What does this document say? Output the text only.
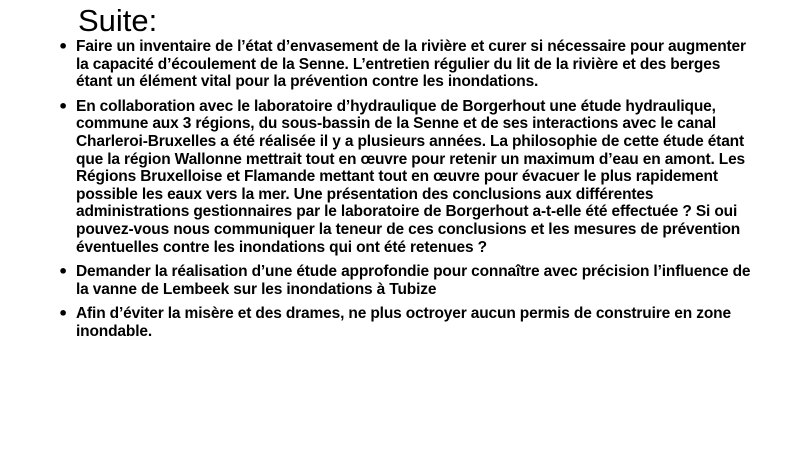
Suite:
• Faire un inventaire de l’état d’envasement de la rivière et curer si nécessaire pour augmenter la capacité d’écoulement de la Senne. L’entretien régulier du lit de la rivière et des berges étant un élément vital pour la prévention contre les inondations.
• En collaboration avec le laboratoire d’hydraulique de Borgerhout une étude hydraulique, commune aux 3 régions, du sous-bassin de la Senne et de ses interactions avec le canal Charleroi-Bruxelles a été réalisée il y a plusieurs années. La philosophie de cette étude étant que la région Wallonne mettrait tout en œuvre pour retenir un maximum d’eau en amont. Les Régions Bruxelloise et Flamande mettant tout en œuvre pour évacuer le plus rapidement possible les eaux vers la mer. Une présentation des conclusions aux différentes administrations gestionnaires par le laboratoire de Borgerhout a-t-elle été effectuée ? Si oui pouvez-vous nous communiquer la teneur de ces conclusions et les mesures de prévention éventuelles contre les inondations qui ont été retenues ?
• Demander la réalisation d’une étude approfondie pour connaître avec précision l’influence de la vanne de Lembeek sur les inondations à Tubize
• Afin d’éviter la misère et des drames, ne plus octroyer aucun permis de construire en zone inondable.
